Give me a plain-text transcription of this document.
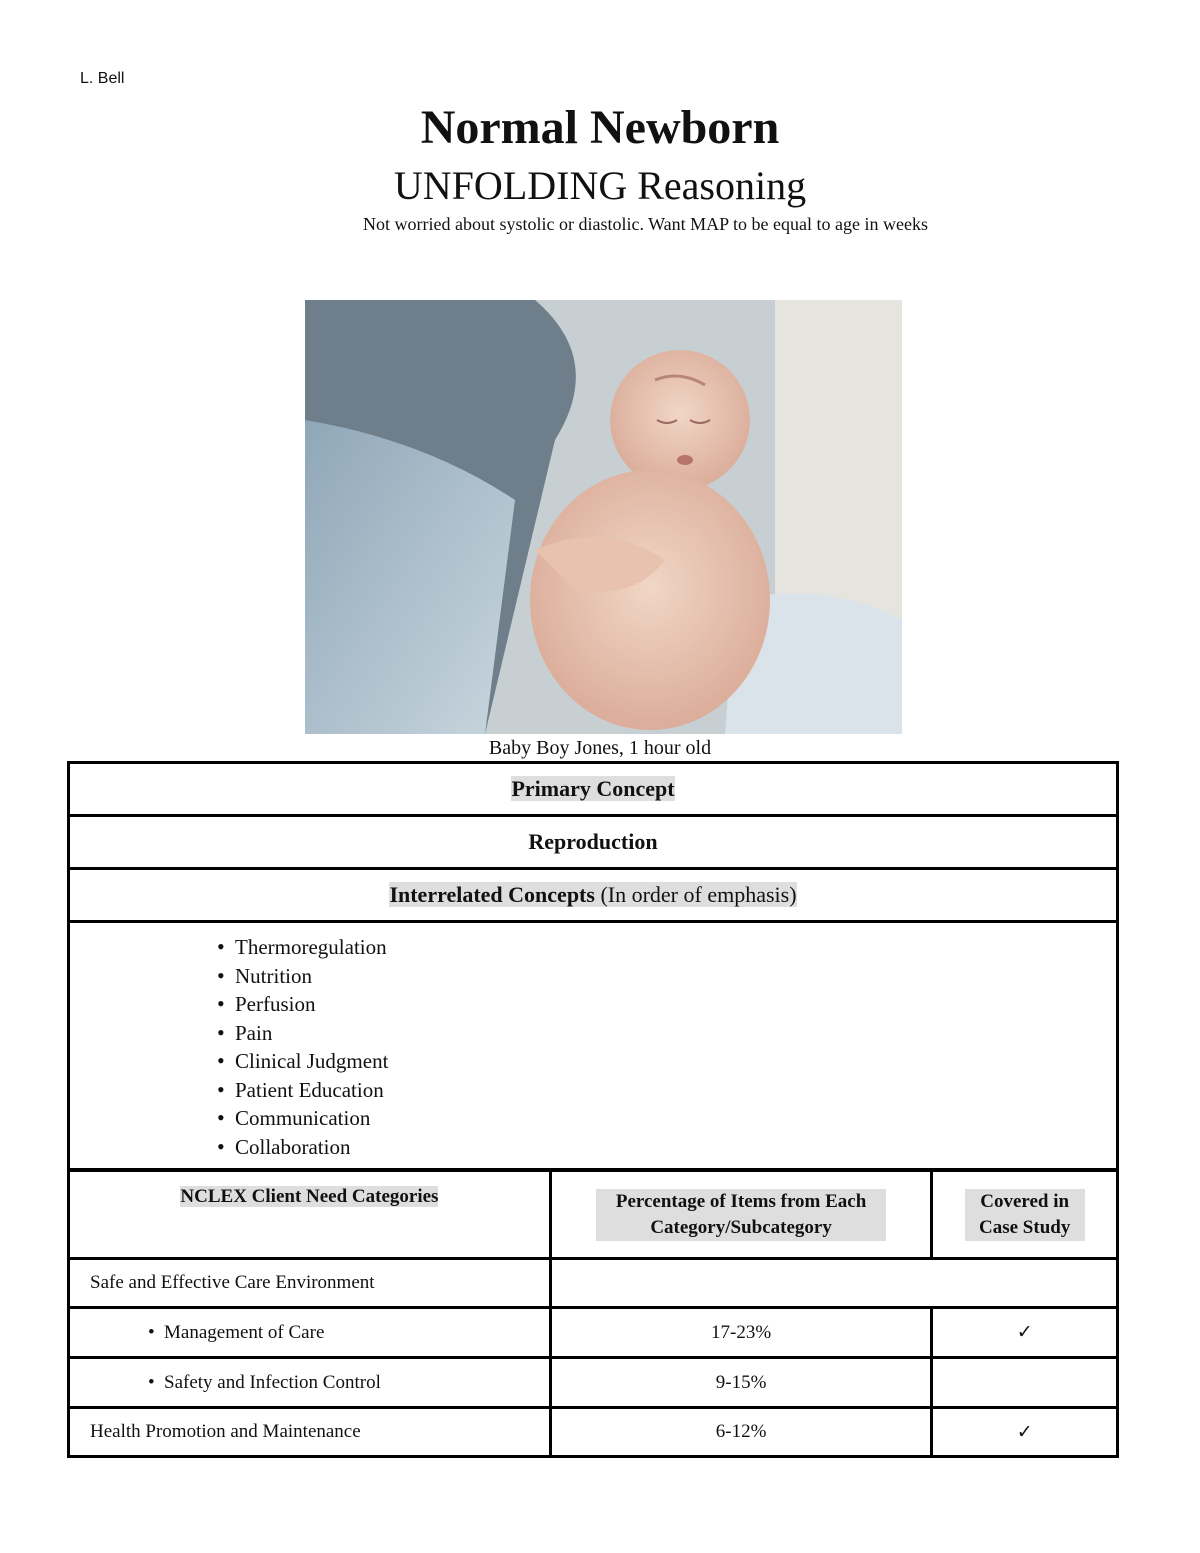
L. Bell
Normal Newborn
UNFOLDING Reasoning
Not worried about systolic or diastolic. Want MAP to be equal to age in weeks
Baby Boy Jones, 1 hour old
Primary Concept
Reproduction
Interrelated Concepts (In order of emphasis)

• Thermoregulation
• Nutrition
• Perfusion
• Pain
• Clinical Judgment
• Patient Education
• Communication
• Collaboration
NCLEX Client Need Categories	Percentage of Items from Each Category/Subcategory	Covered in Case Study
Safe and Effective Care Environment		
• Management of Care	17-23%	✓
• Safety and Infection Control	9-15%	
Health Promotion and Maintenance	6-12%	✓
